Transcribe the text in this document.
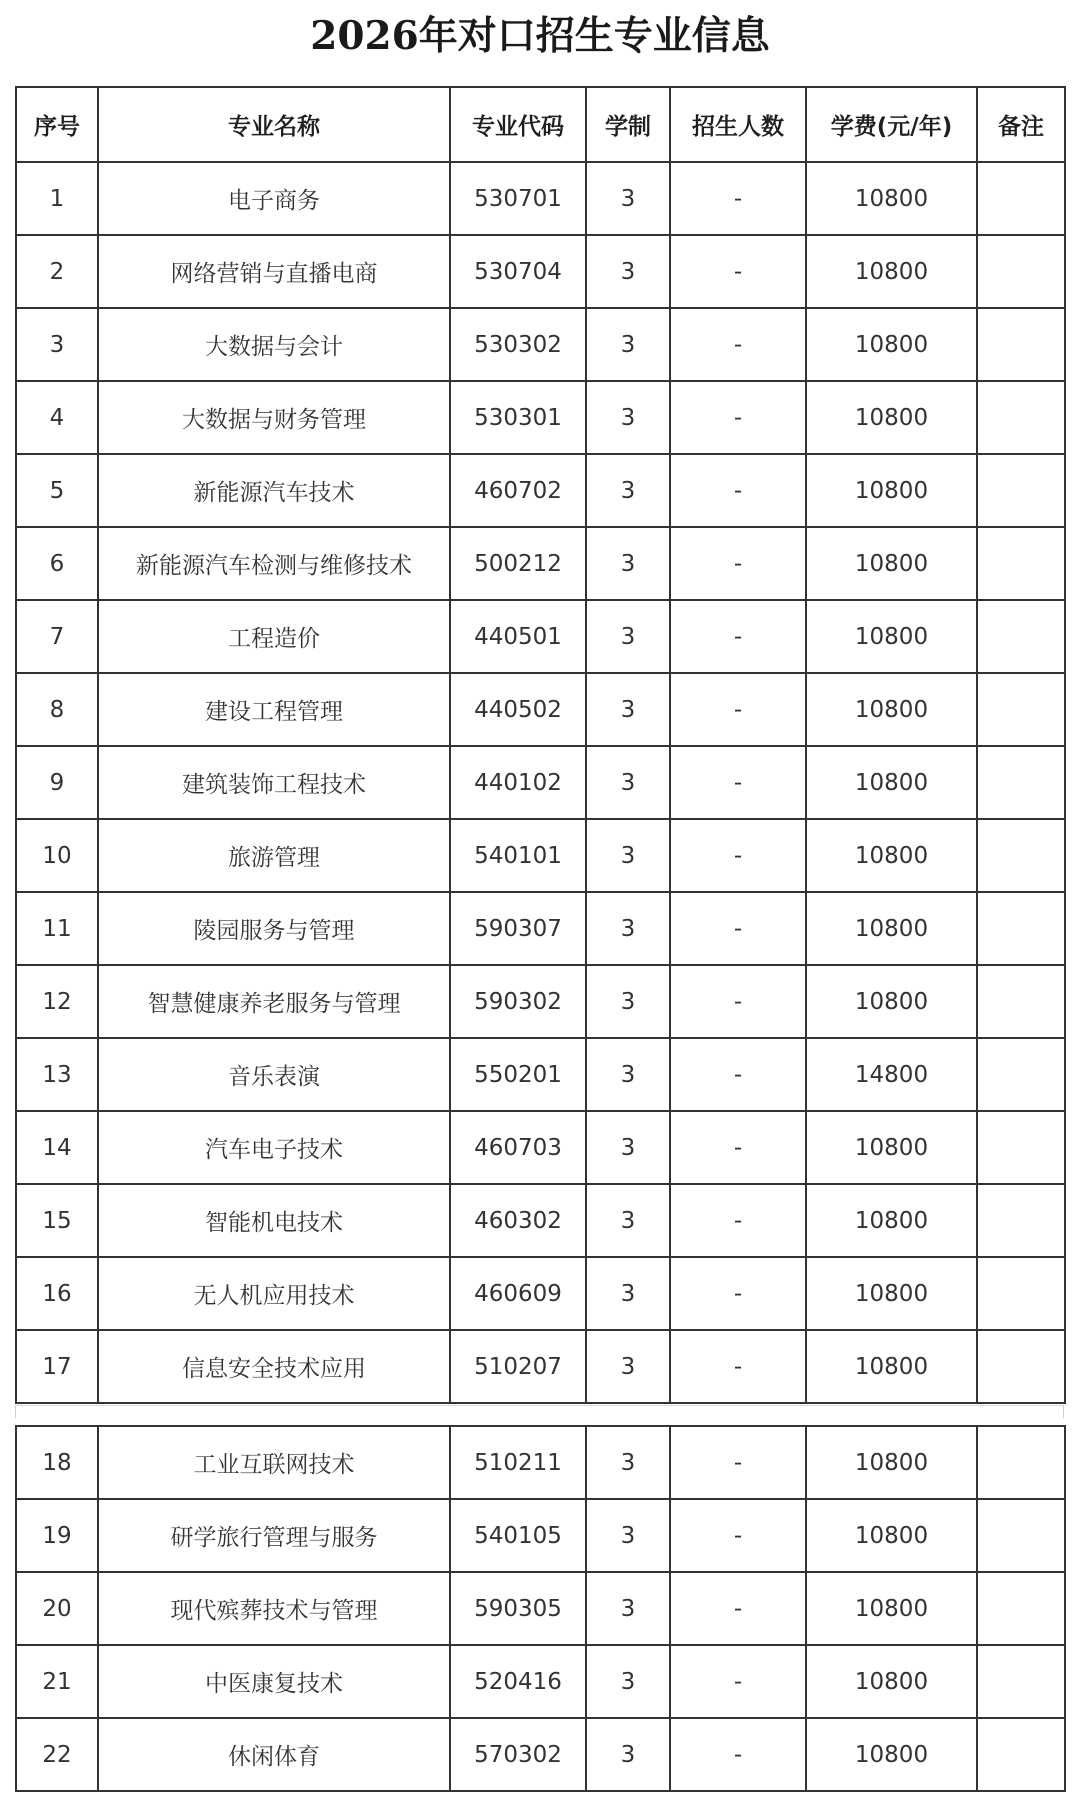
2026年对口招生专业信息
序号	专业名称	专业代码	学制	招生人数	学费(元/年)	备注
1	电子商务	530701	3	-	10800	
2	网络营销与直播电商	530704	3	-	10800	
3	大数据与会计	530302	3	-	10800	
4	大数据与财务管理	530301	3	-	10800	
5	新能源汽车技术	460702	3	-	10800	
6	新能源汽车检测与维修技术	500212	3	-	10800	
7	工程造价	440501	3	-	10800	
8	建设工程管理	440502	3	-	10800	
9	建筑装饰工程技术	440102	3	-	10800	
10	旅游管理	540101	3	-	10800	
11	陵园服务与管理	590307	3	-	10800	
12	智慧健康养老服务与管理	590302	3	-	10800	
13	音乐表演	550201	3	-	14800	
14	汽车电子技术	460703	3	-	10800	
15	智能机电技术	460302	3	-	10800	
16	无人机应用技术	460609	3	-	10800	
17	信息安全技术应用	510207	3	-	10800	
18	工业互联网技术	510211	3	-	10800	
19	研学旅行管理与服务	540105	3	-	10800	
20	现代殡葬技术与管理	590305	3	-	10800	
21	中医康复技术	520416	3	-	10800	
22	休闲体育	570302	3	-	10800	
